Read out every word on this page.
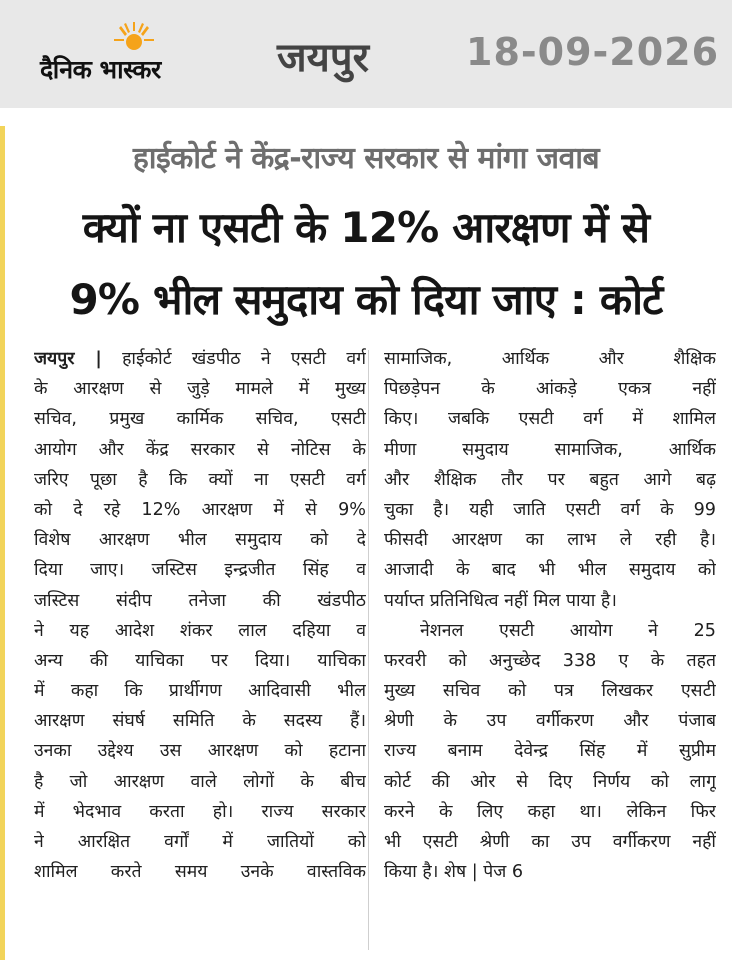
दैनिक भास्कर	जयपुर	18-09-2026
हाईकोर्ट ने केंद्र-राज्य सरकार से मांगा जवाब
क्यों ना एसटी के 12% आरक्षण में से
9% भील समुदाय को दिया जाए : कोर्ट
जयपुर | हाईकोर्ट खंडपीठ ने एसटी वर्ग
के आरक्षण से जुड़े मामले में मुख्य
सचिव, प्रमुख कार्मिक सचिव, एसटी
आयोग और केंद्र सरकार से नोटिस के
जरिए पूछा है कि क्यों ना एसटी वर्ग
को दे रहे 12% आरक्षण में से 9%
विशेष आरक्षण भील समुदाय को दे
दिया जाए। जस्टिस इन्द्रजीत सिंह व
जस्टिस संदीप तनेजा की खंडपीठ
ने यह आदेश शंकर लाल दहिया व
अन्य की याचिका पर दिया। याचिका
में कहा कि प्रार्थीगण आदिवासी भील
आरक्षण संघर्ष समिति के सदस्य हैं।
उनका उद्देश्य उस आरक्षण को हटाना
है जो आरक्षण वाले लोगों के बीच
में भेदभाव करता हो। राज्य सरकार
ने आरक्षित वर्गों में जातियों को
शामिल करते समय उनके वास्तविक
सामाजिक, आर्थिक और शैक्षिक
पिछड़ेपन के आंकड़े एकत्र नहीं
किए। जबकि एसटी वर्ग में शामिल
मीणा समुदाय सामाजिक, आर्थिक
और शैक्षिक तौर पर बहुत आगे बढ़
चुका है। यही जाति एसटी वर्ग के 99
फीसदी आरक्षण का लाभ ले रही है।
आजादी के बाद भी भील समुदाय को
पर्याप्त प्रतिनिधित्व नहीं मिल पाया है।
नेशनल एसटी आयोग ने 25
फरवरी को अनुच्छेद 338 ए के तहत
मुख्य सचिव को पत्र लिखकर एसटी
श्रेणी के उप वर्गीकरण और पंजाब
राज्य बनाम देवेन्द्र सिंह में सुप्रीम
कोर्ट की ओर से दिए निर्णय को लागू
करने के लिए कहा था। लेकिन फिर
भी एसटी श्रेणी का उप वर्गीकरण नहीं
किया है। शेष | पेज 6
